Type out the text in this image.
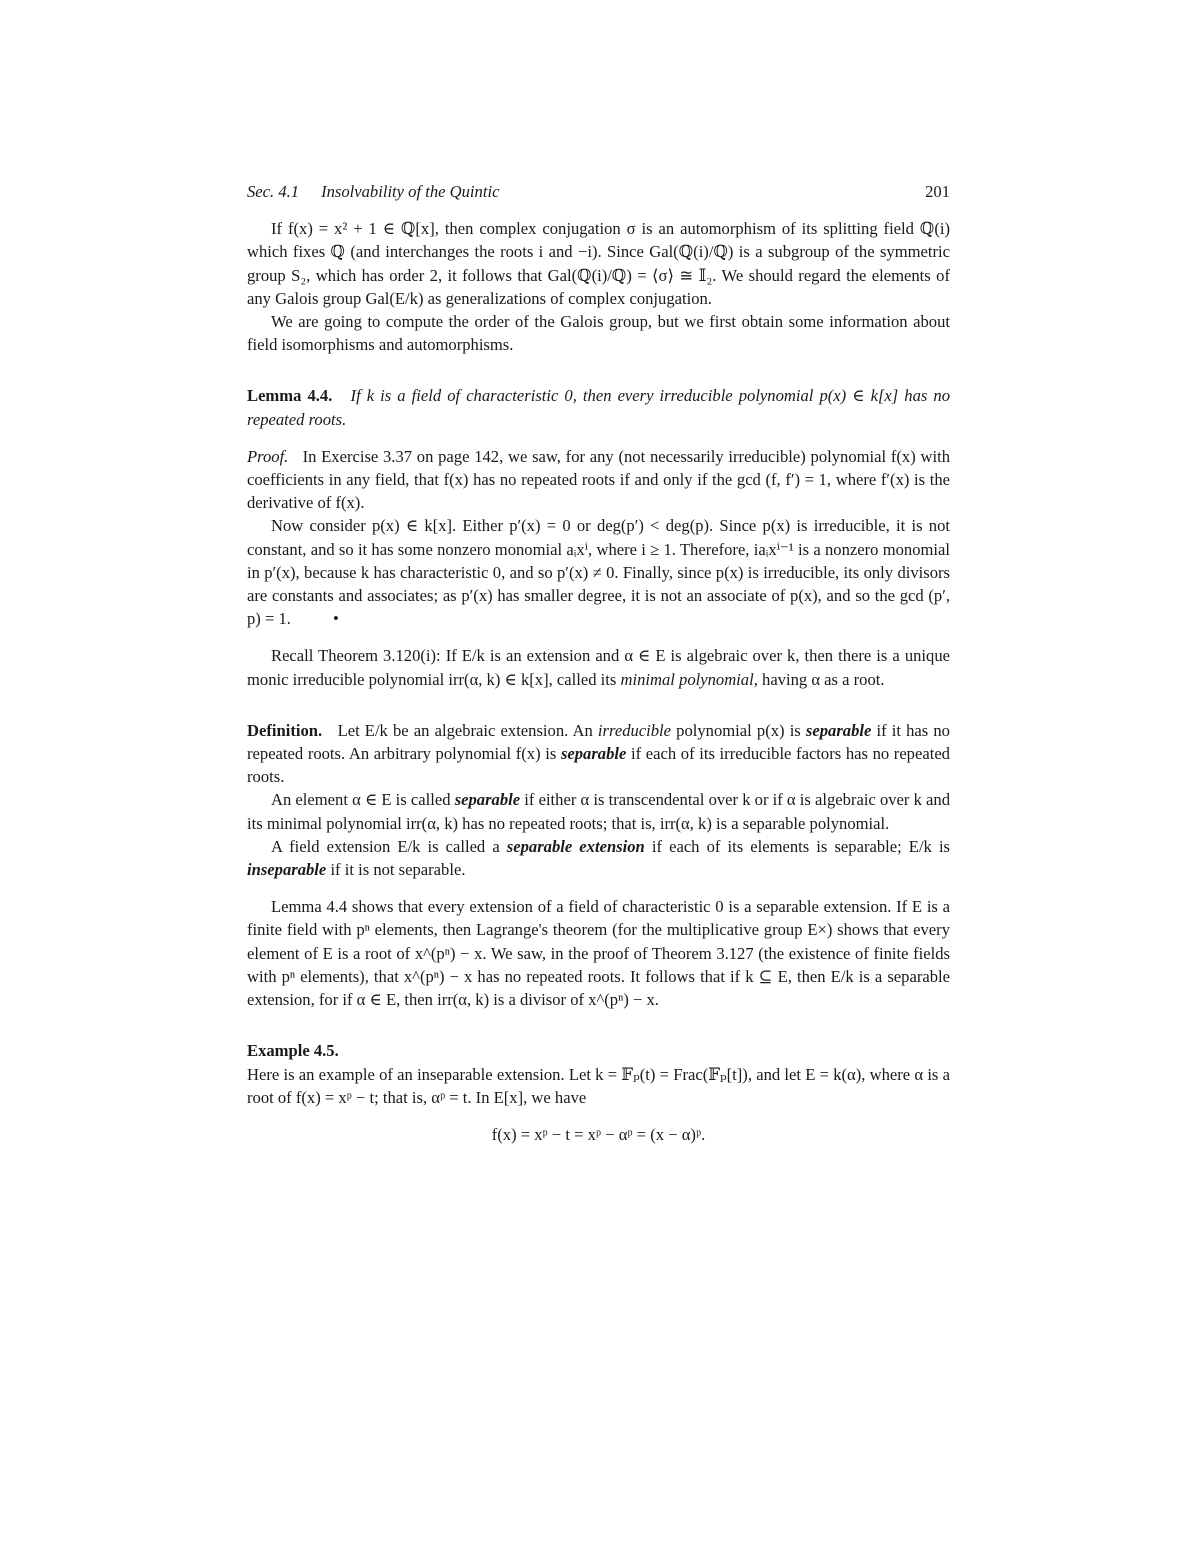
Sec. 4.1 Insolvability of the Quintic	201

If f(x) = x² + 1 ∈ ℚ[x], then complex conjugation σ is an automorphism of its splitting field ℚ(i) which fixes ℚ (and interchanges the roots i and −i). Since Gal(ℚ(i)/ℚ) is a subgroup of the symmetric group S₂, which has order 2, it follows that Gal(ℚ(i)/ℚ) = ⟨σ⟩ ≅ 𝕀₂. We should regard the elements of any Galois group Gal(E/k) as generalizations of complex conjugation.

We are going to compute the order of the Galois group, but we first obtain some information about field isomorphisms and automorphisms.

Lemma 4.4. If k is a field of characteristic 0, then every irreducible polynomial p(x) ∈ k[x] has no repeated roots.

Proof. In Exercise 3.37 on page 142, we saw, for any (not necessarily irreducible) polynomial f(x) with coefficients in any field, that f(x) has no repeated roots if and only if the gcd (f, f′) = 1, where f′(x) is the derivative of f(x).

Now consider p(x) ∈ k[x]. Either p′(x) = 0 or deg(p′) < deg(p). Since p(x) is irreducible, it is not constant, and so it has some nonzero monomial aᵢxⁱ, where i ≥ 1. Therefore, iaᵢxⁱ⁻¹ is a nonzero monomial in p′(x), because k has characteristic 0, and so p′(x) ≠ 0. Finally, since p(x) is irreducible, its only divisors are constants and associates; as p′(x) has smaller degree, it is not an associate of p(x), and so the gcd (p′, p) = 1.	•

Recall Theorem 3.120(i): If E/k is an extension and α ∈ E is algebraic over k, then there is a unique monic irreducible polynomial irr(α, k) ∈ k[x], called its minimal polynomial, having α as a root.

Definition. Let E/k be an algebraic extension. An irreducible polynomial p(x) is separable if it has no repeated roots. An arbitrary polynomial f(x) is separable if each of its irreducible factors has no repeated roots.

An element α ∈ E is called separable if either α is transcendental over k or if α is algebraic over k and its minimal polynomial irr(α, k) has no repeated roots; that is, irr(α, k) is a separable polynomial.

A field extension E/k is called a separable extension if each of its elements is separable; E/k is inseparable if it is not separable.

Lemma 4.4 shows that every extension of a field of characteristic 0 is a separable extension. If E is a finite field with pⁿ elements, then Lagrange's theorem (for the multiplicative group E×) shows that every element of E is a root of x^(pⁿ) − x. We saw, in the proof of Theorem 3.127 (the existence of finite fields with pⁿ elements), that x^(pⁿ) − x has no repeated roots. It follows that if k ⊆ E, then E/k is a separable extension, for if α ∈ E, then irr(α, k) is a divisor of x^(pⁿ) − x.

Example 4.5.

Here is an example of an inseparable extension. Let k = 𝔽ₚ(t) = Frac(𝔽ₚ[t]), and let E = k(α), where α is a root of f(x) = xᵖ − t; that is, αᵖ = t. In E[x], we have

f(x) = xᵖ − t = xᵖ − αᵖ = (x − α)ᵖ.
